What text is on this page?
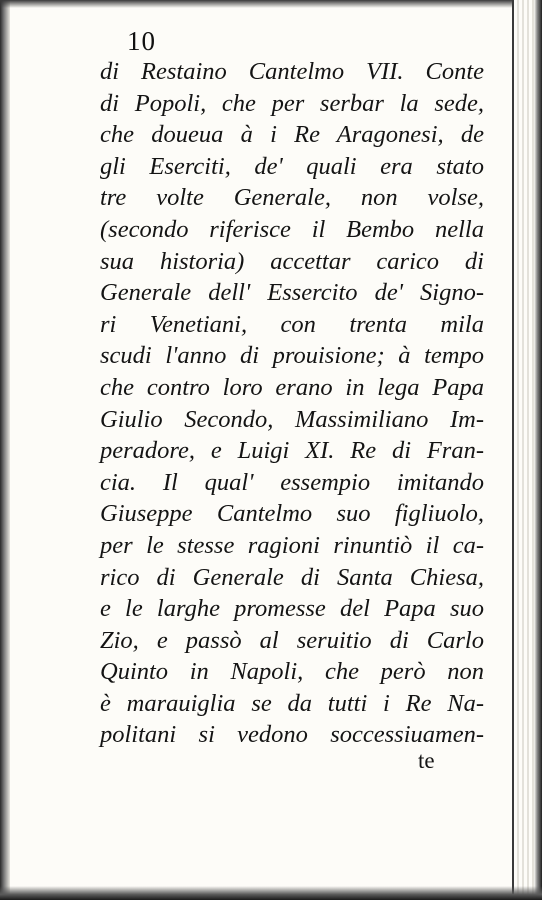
10
di Restaino Cantelmo VII. Conte
di Popoli, che per serbar la sede,
che doueua à i Re Aragonesi, de
gli Eserciti, de' quali era stato
tre volte Generale, non volse,
(secondo riferisce il Bembo nella
sua historia) accettar carico di
Generale dell' Essercito de' Signo-
ri Venetiani, con trenta mila
scudi l'anno di prouisione; à tempo
che contro loro erano in lega Papa
Giulio Secondo, Massimiliano Im-
peradore, e Luigi XI. Re di Fran-
cia. Il qual' essempio imitando
Giuseppe Cantelmo suo figliuolo,
per le stesse ragioni rinuntiò il ca-
rico di Generale di Santa Chiesa,
e le larghe promesse del Papa suo
Zio, e passò al seruitio di Carlo
Quinto in Napoli, che però non
è marauiglia se da tutti i Re Na-
politani si vedono soccessiuamen-
te
